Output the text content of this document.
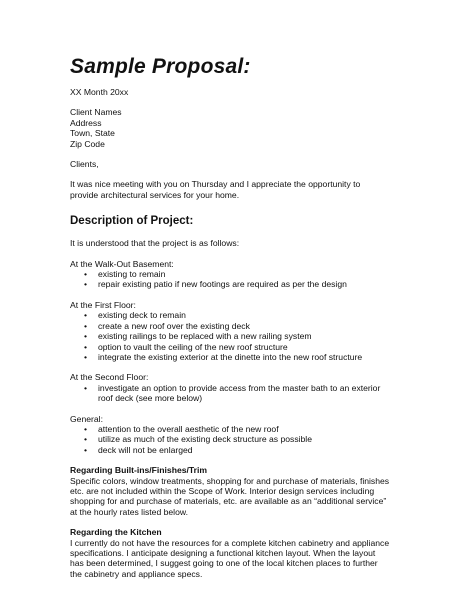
Sample Proposal:
XX Month 20xx
Client Names
Address
Town, State
Zip Code
Clients,
It was nice meeting with you on Thursday and I appreciate the opportunity to
provide architectural services for your home.
Description of Project:
It is understood that the project is as follows:
At the Walk-Out Basement:
• existing to remain
• repair existing patio if new footings are required as per the design
At the First Floor:
• existing deck to remain
• create a new roof over the existing deck
• existing railings to be replaced with a new railing system
• option to vault the ceiling of the new roof structure
• integrate the existing exterior at the dinette into the new roof structure
At the Second Floor:
• investigate an option to provide access from the master bath to an exterior
roof deck (see more below)
General:
• attention to the overall aesthetic of the new roof
• utilize as much of the existing deck structure as possible
• deck will not be enlarged
Regarding Built-ins/Finishes/Trim
Specific colors, window treatments, shopping for and purchase of materials, finishes
etc. are not included within the Scope of Work. Interior design services including
shopping for and purchase of materials, etc. are available as an “additional service”
at the hourly rates listed below.
Regarding the Kitchen
I currently do not have the resources for a complete kitchen cabinetry and appliance
specifications. I anticipate designing a functional kitchen layout. When the layout
has been determined, I suggest going to one of the local kitchen places to further
the cabinetry and appliance specs.
